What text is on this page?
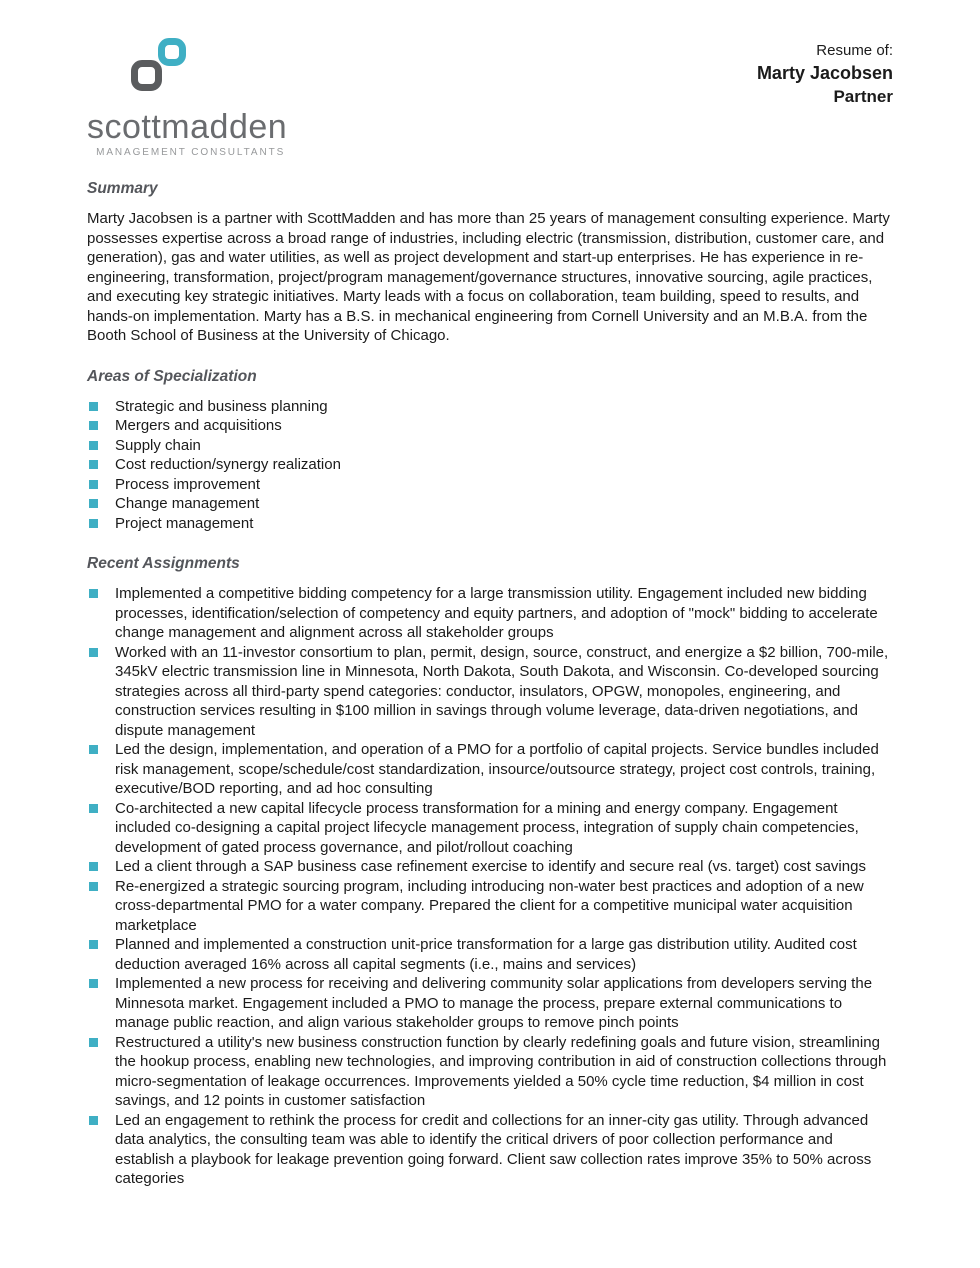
scottmadden
MANAGEMENT CONSULTANTS
Resume of:
Marty Jacobsen
Partner
Summary

Marty Jacobsen is a partner with ScottMadden and has more than 25 years of management consulting experience. Marty possesses expertise across a broad range of industries, including electric (transmission, distribution, customer care, and generation), gas and water utilities, as well as project development and start-up enterprises. He has experience in re-engineering, transformation, project/program management/governance structures, innovative sourcing, agile practices, and executing key strategic initiatives. Marty leads with a focus on collaboration, team building, speed to results, and hands-on implementation. Marty has a B.S. in mechanical engineering from Cornell University and an M.B.A. from the Booth School of Business at the University of Chicago.

Areas of Specialization
Strategic and business planning
Mergers and acquisitions
Supply chain
Cost reduction/synergy realization
Process improvement
Change management
Project management
Recent Assignments
Implemented a competitive bidding competency for a large transmission utility. Engagement included new bidding processes, identification/selection of competency and equity partners, and adoption of "mock" bidding to accelerate change management and alignment across all stakeholder groups
Worked with an 11-investor consortium to plan, permit, design, source, construct, and energize a $2 billion, 700-mile, 345kV electric transmission line in Minnesota, North Dakota, South Dakota, and Wisconsin. Co-developed sourcing strategies across all third-party spend categories: conductor, insulators, OPGW, monopoles, engineering, and construction services resulting in $100 million in savings through volume leverage, data-driven negotiations, and dispute management
Led the design, implementation, and operation of a PMO for a portfolio of capital projects. Service bundles included risk management, scope/schedule/cost standardization, insource/outsource strategy, project cost controls, training, executive/BOD reporting, and ad hoc consulting
Co-architected a new capital lifecycle process transformation for a mining and energy company. Engagement included co-designing a capital project lifecycle management process, integration of supply chain competencies, development of gated process governance, and pilot/rollout coaching
Led a client through a SAP business case refinement exercise to identify and secure real (vs. target) cost savings
Re-energized a strategic sourcing program, including introducing non-water best practices and adoption of a new cross-departmental PMO for a water company. Prepared the client for a competitive municipal water acquisition marketplace
Planned and implemented a construction unit-price transformation for a large gas distribution utility. Audited cost deduction averaged 16% across all capital segments (i.e., mains and services)
Implemented a new process for receiving and delivering community solar applications from developers serving the Minnesota market. Engagement included a PMO to manage the process, prepare external communications to manage public reaction, and align various stakeholder groups to remove pinch points
Restructured a utility's new business construction function by clearly redefining goals and future vision, streamlining the hookup process, enabling new technologies, and improving contribution in aid of construction collections through micro-segmentation of leakage occurrences. Improvements yielded a 50% cycle time reduction, $4 million in cost savings, and 12 points in customer satisfaction
Led an engagement to rethink the process for credit and collections for an inner-city gas utility. Through advanced data analytics, the consulting team was able to identify the critical drivers of poor collection performance and establish a playbook for leakage prevention going forward. Client saw collection rates improve 35% to 50% across categories
